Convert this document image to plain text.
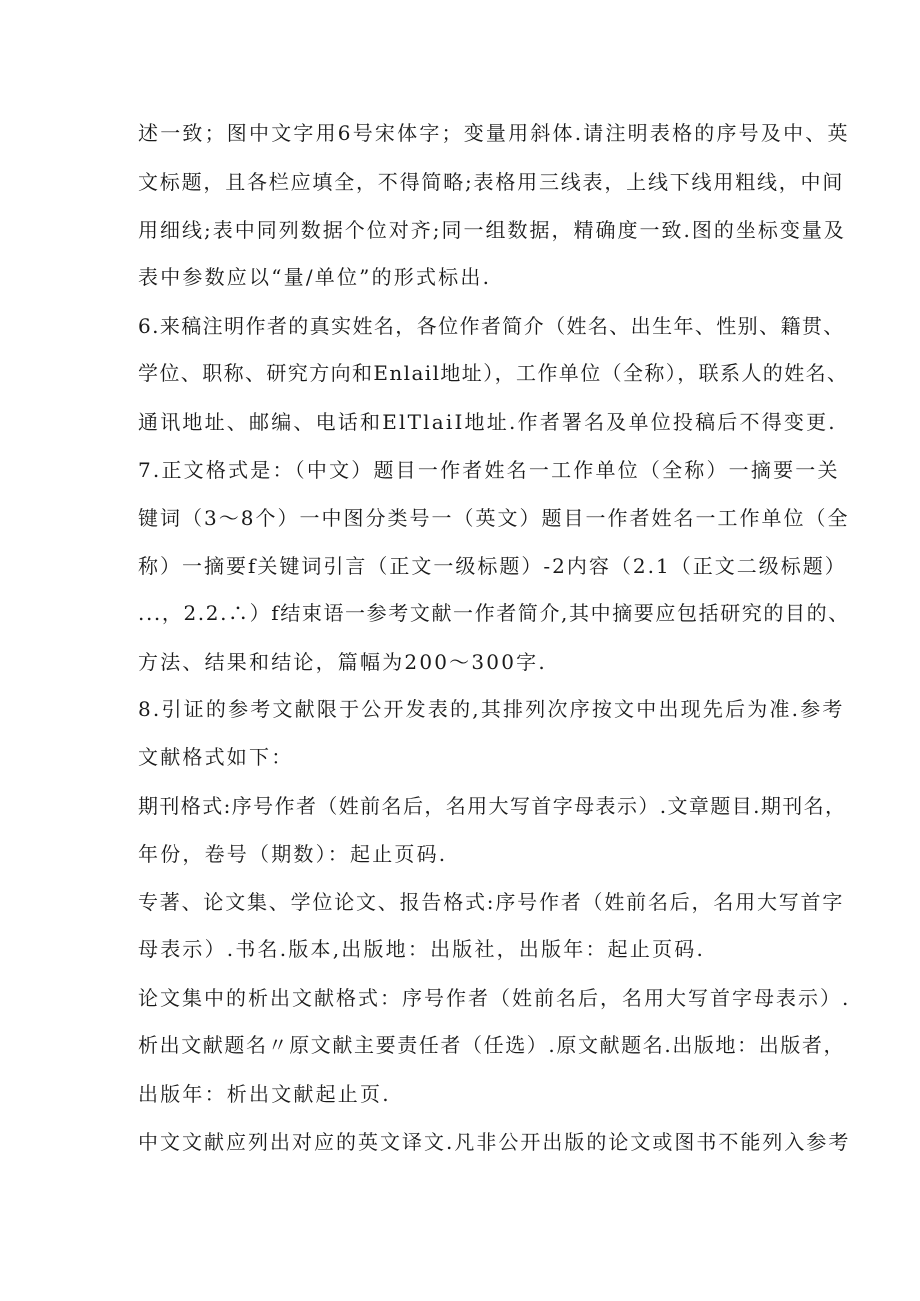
述一致；图中文字用6号宋体字；变量用斜体.请注明表格的序号及中、英
文标题，且各栏应填全，不得简略;表格用三线表，上线下线用粗线，中间
用细线;表中同列数据个位对齐;同一组数据，精确度一致.图的坐标变量及
表中参数应以“量/单位”的形式标出.
6.来稿注明作者的真实姓名，各位作者简介（姓名、出生年、性别、籍贯、
学位、职称、研究方向和Enlail地址），工作单位（全称），联系人的姓名、
通讯地址、邮编、电话和ElTlaiI地址.作者署名及单位投稿后不得变更.
7.正文格式是：（中文）题目一作者姓名一工作单位（全称）一摘要一关
键词（3〜8个）一中图分类号一（英文）题目一作者姓名一工作单位（全
称）一摘要f关键词引言（正文一级标题）-2内容（2.1（正文二级标题）
...，2.2.∴）f结束语一参考文献一作者简介,其中摘要应包括研究的目的、
方法、结果和结论，篇幅为200〜300字.
8.引证的参考文献限于公开发表的,其排列次序按文中出现先后为准.参考
文献格式如下：
期刊格式:序号作者（姓前名后，名用大写首字母表示）.文章题目.期刊名，
年份，卷号（期数）：起止页码.
专著、论文集、学位论文、报告格式:序号作者（姓前名后，名用大写首字
母表示）.书名.版本,出版地：出版社，出版年：起止页码.
论文集中的析出文献格式：序号作者（姓前名后，名用大写首字母表示）.
析出文献题名〃原文献主要责任者（任选）.原文献题名.出版地：出版者，
出版年：析出文献起止页.
中文文献应列出对应的英文译文.凡非公开出版的论文或图书不能列入参考
